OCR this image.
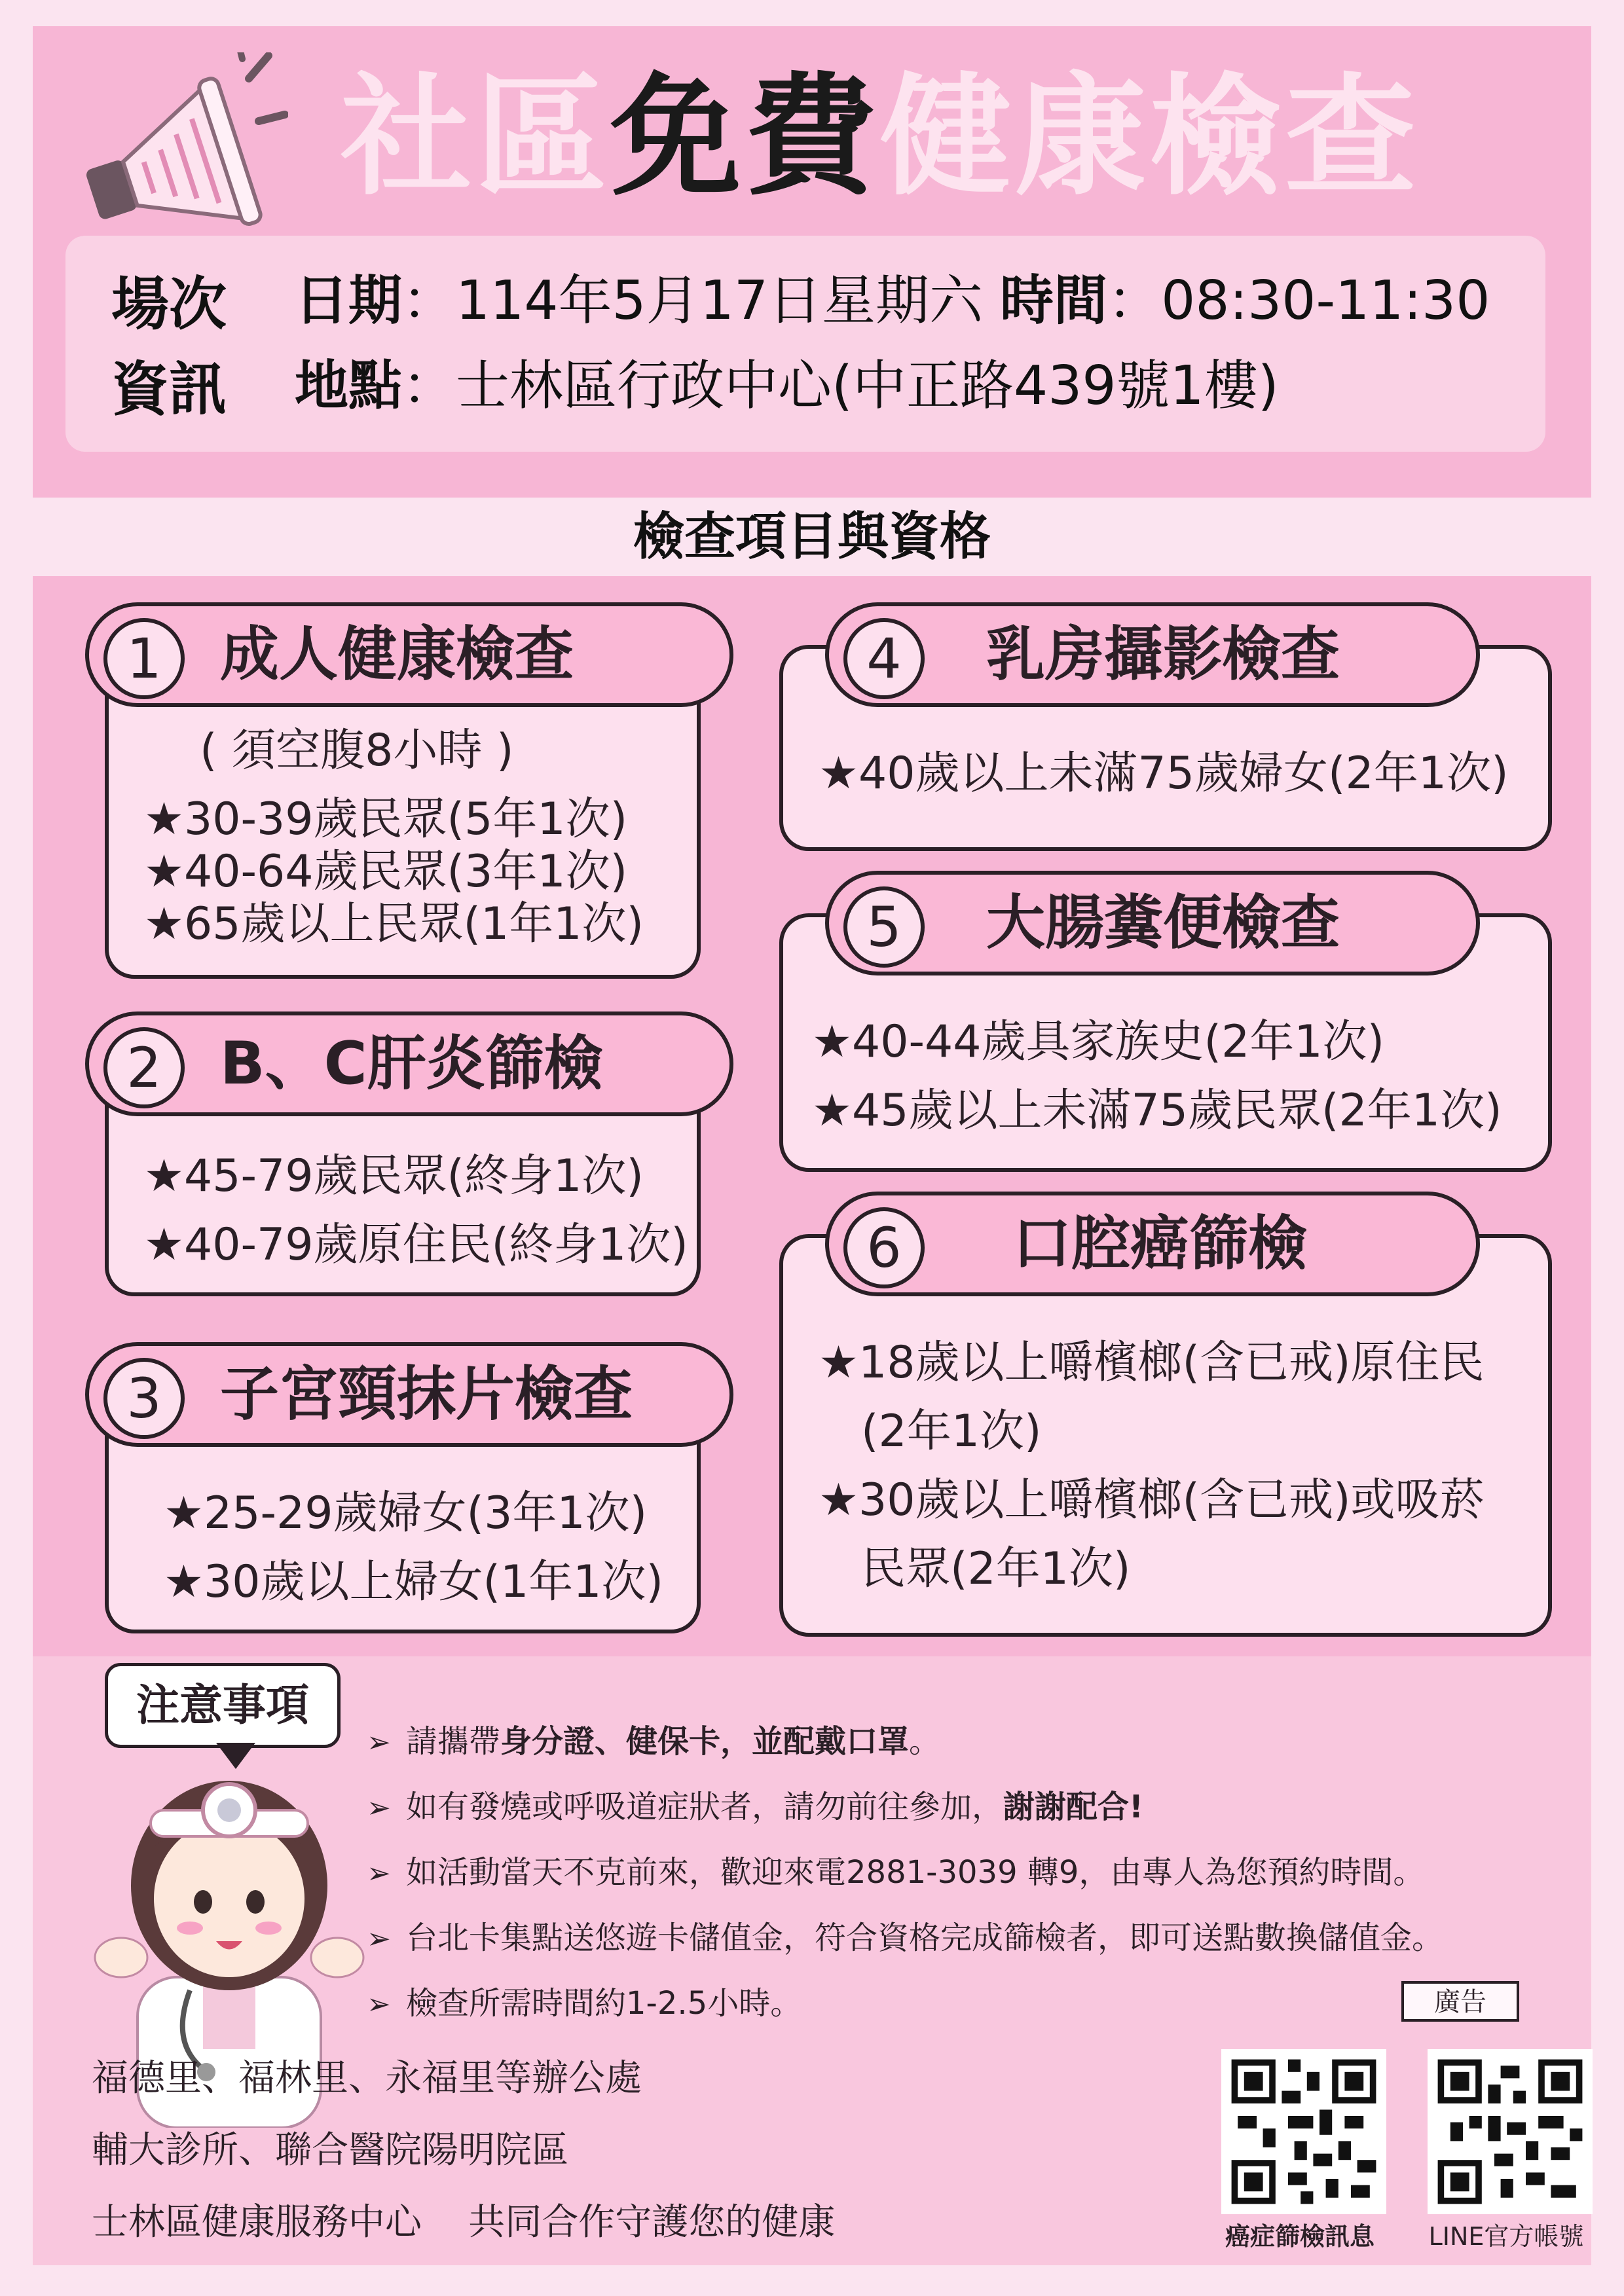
社區免費健康檢查
場次
資訊
日期：114年5月17日星期六 時間：08:30-11:30
地點：士林區行政中心(中正路439號1樓)
檢查項目與資格
1 成人健康檢查
( 須空腹8小時 )
★30-39歲民眾(5年1次)
★40-64歲民眾(3年1次)
★65歲以上民眾(1年1次)
2 B、C肝炎篩檢
★45-79歲民眾(終身1次)
★40-79歲原住民(終身1次)
3 子宮頸抹片檢查
★25-29歲婦女(3年1次)
★30歲以上婦女(1年1次)
4	乳房攝影檢查
★40歲以上未滿75歲婦女(2年1次)
5	大腸糞便檢查
★40-44歲具家族史(2年1次)
★45歲以上未滿75歲民眾(2年1次)
6	口腔癌篩檢
★18歲以上嚼檳榔(含已戒)原住民
(2年1次)
★30歲以上嚼檳榔(含已戒)或吸菸
民眾(2年1次)
注意事項
➢ 請攜帶身分證、健保卡，並配戴口罩。
➢ 如有發燒或呼吸道症狀者，請勿前往參加，謝謝配合!
➢ 如活動當天不克前來，歡迎來電2881-3039 轉9，由專人為您預約時間。
➢ 台北卡集點送悠遊卡儲值金，符合資格完成篩檢者，即可送點數換儲值金。
➢ 檢查所需時間約1-2.5小時。	廣告
福德里、福林里、永福里等辦公處
輔大診所、聯合醫院陽明院區
士林區健康服務中心    共同合作守護您的健康	癌症篩檢訊息	LINE官方帳號
